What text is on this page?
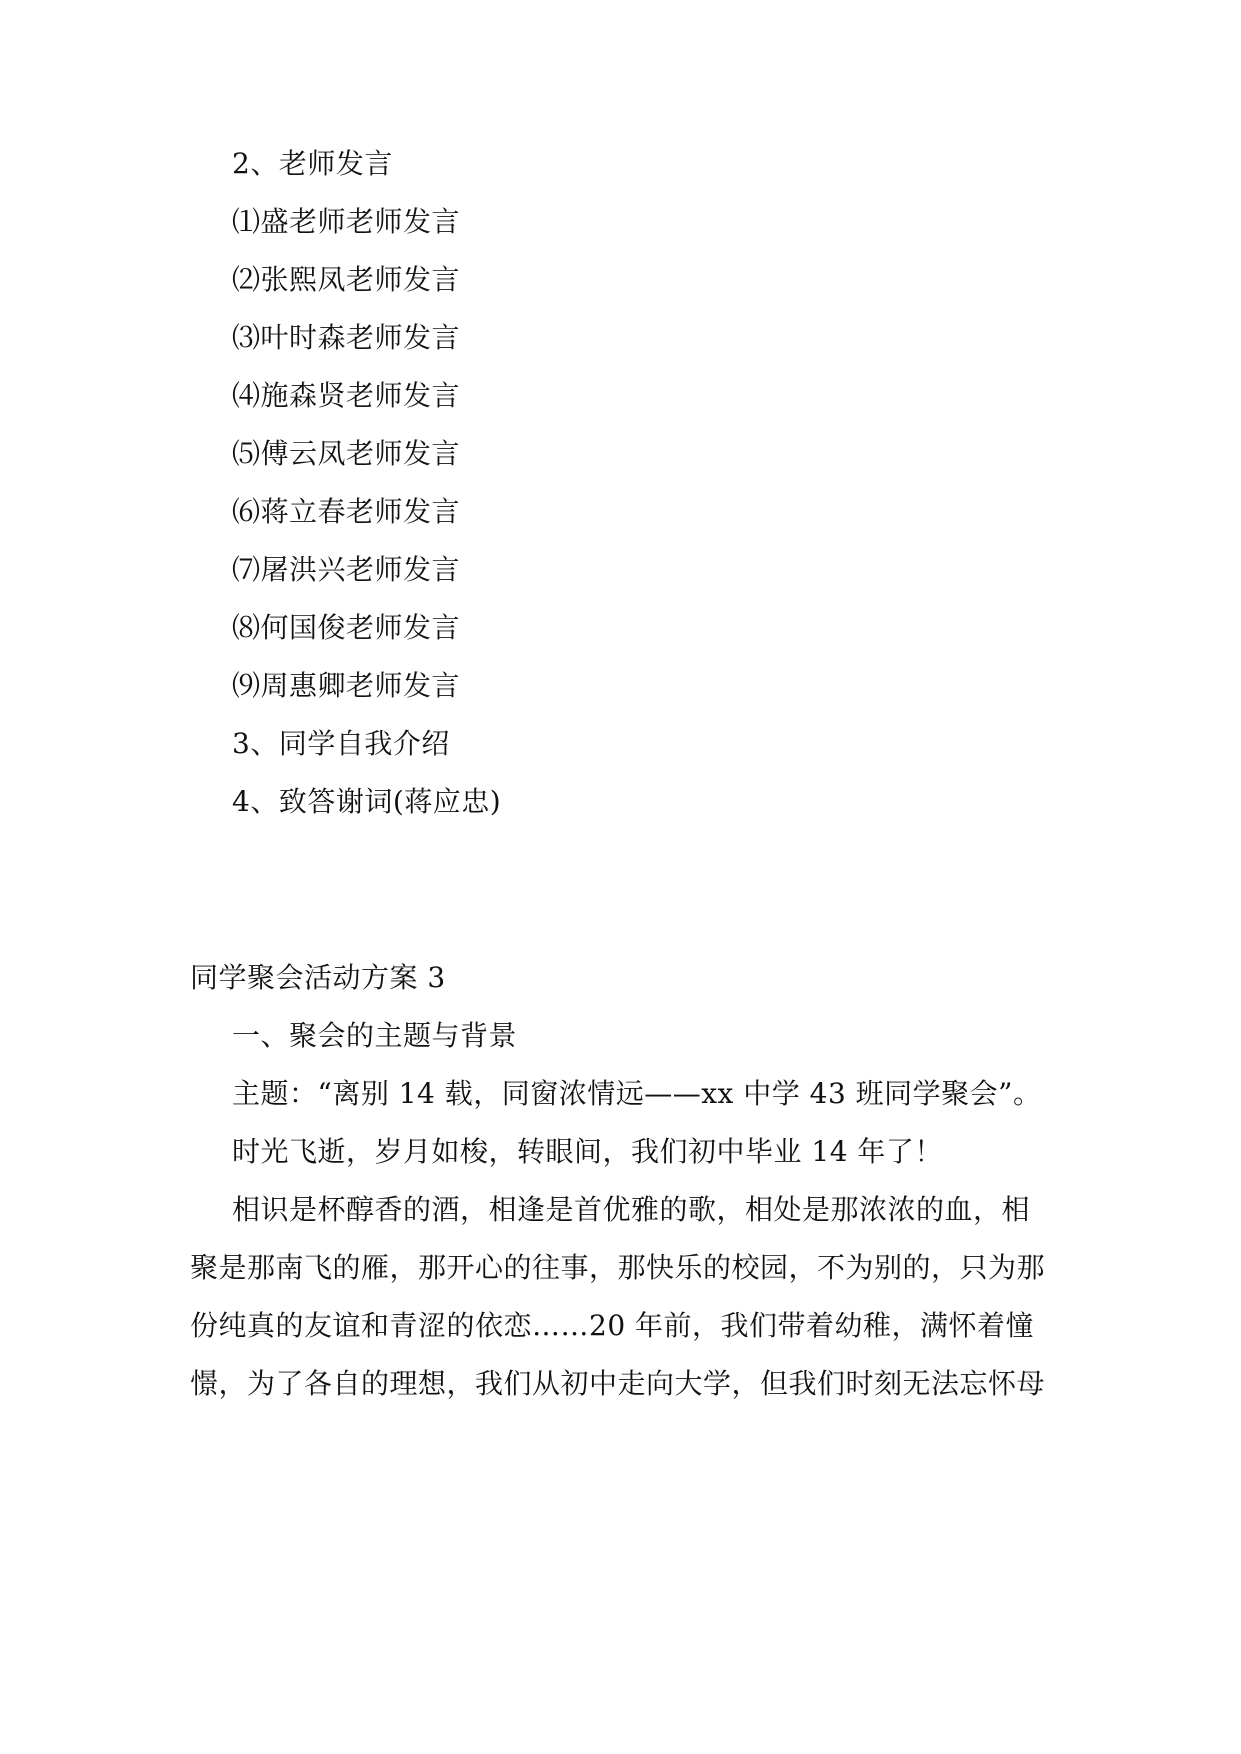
2、老师发言
⑴盛老师老师发言
⑵张熙凤老师发言
⑶叶时森老师发言
⑷施森贤老师发言
⑸傅云凤老师发言
⑹蒋立春老师发言
⑺屠洪兴老师发言
⑻何国俊老师发言
⑼周惠卿老师发言
3、同学自我介绍
4、致答谢词(蒋应忠)
同学聚会活动方案 3
一、聚会的主题与背景
主题：“离别 14 载，同窗浓情远——xx 中学 43 班同学聚会”。
时光飞逝，岁月如梭，转眼间，我们初中毕业 14 年了！
相识是杯醇香的酒，相逢是首优雅的歌，相处是那浓浓的血，相
聚是那南飞的雁，那开心的往事，那快乐的校园，不为别的，只为那
份纯真的友谊和青涩的依恋……20 年前，我们带着幼稚，满怀着憧
憬，为了各自的理想，我们从初中走向大学，但我们时刻无法忘怀母
